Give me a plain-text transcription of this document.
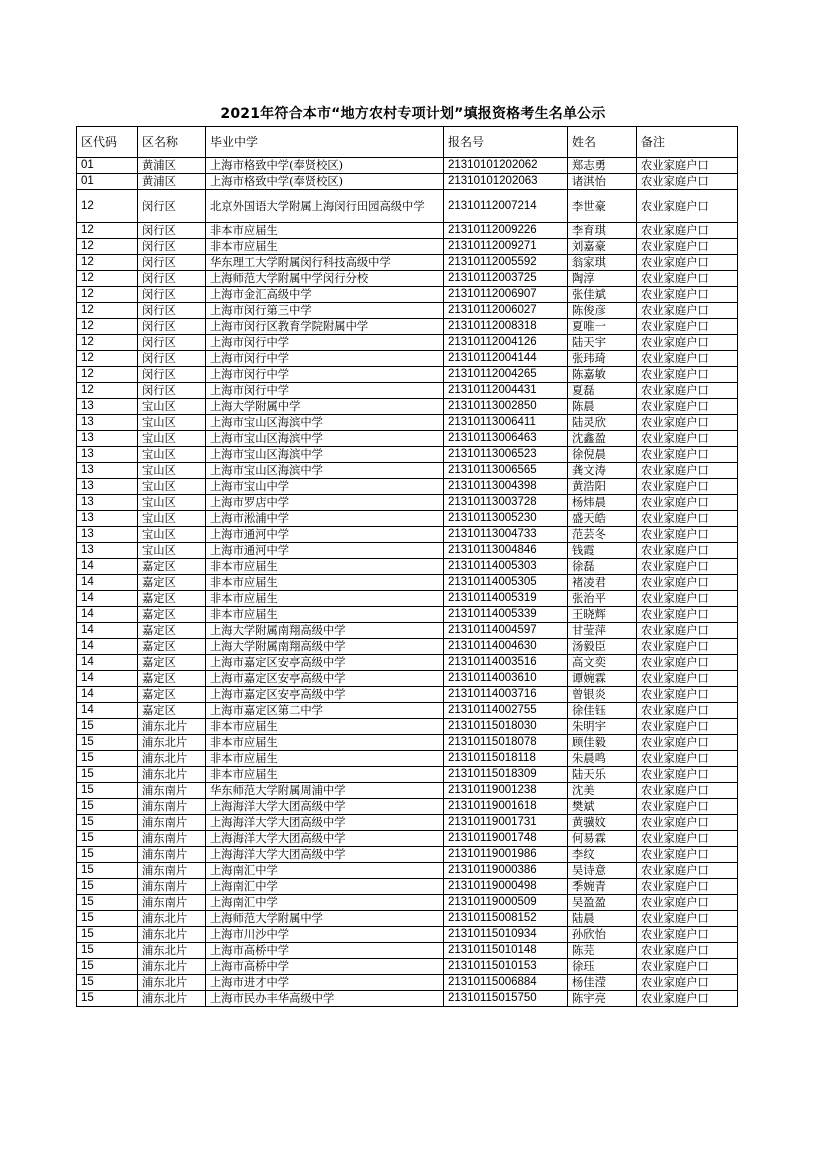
2021年符合本市“地方农村专项计划”填报资格考生名单公示
区代码	区名称	毕业中学	报名号	姓名	备注
01	黄浦区	上海市格致中学(奉贤校区)	21310101202062	郑志勇	农业家庭户口
01	黄浦区	上海市格致中学(奉贤校区)	21310101202063	诸淇怡	农业家庭户口
12	闵行区	北京外国语大学附属上海闵行田园高级中学	21310112007214	李世豪	农业家庭户口
12	闵行区	非本市应届生	21310112009226	李育琪	农业家庭户口
12	闵行区	非本市应届生	21310112009271	刘嘉豪	农业家庭户口
12	闵行区	华东理工大学附属闵行科技高级中学	21310112005592	翁家琪	农业家庭户口
12	闵行区	上海师范大学附属中学闵行分校	21310112003725	陶淳	农业家庭户口
12	闵行区	上海市金汇高级中学	21310112006907	张佳斌	农业家庭户口
12	闵行区	上海市闵行第三中学	21310112006027	陈俊彦	农业家庭户口
12	闵行区	上海市闵行区教育学院附属中学	21310112008318	夏唯一	农业家庭户口
12	闵行区	上海市闵行中学	21310112004126	陆天宇	农业家庭户口
12	闵行区	上海市闵行中学	21310112004144	张玮琦	农业家庭户口
12	闵行区	上海市闵行中学	21310112004265	陈嘉敏	农业家庭户口
12	闵行区	上海市闵行中学	21310112004431	夏磊	农业家庭户口
13	宝山区	上海大学附属中学	21310113002850	陈晨	农业家庭户口
13	宝山区	上海市宝山区海滨中学	21310113006411	陆灵欣	农业家庭户口
13	宝山区	上海市宝山区海滨中学	21310113006463	沈鑫盈	农业家庭户口
13	宝山区	上海市宝山区海滨中学	21310113006523	徐倪晨	农业家庭户口
13	宝山区	上海市宝山区海滨中学	21310113006565	龚文涛	农业家庭户口
13	宝山区	上海市宝山中学	21310113004398	黄浩阳	农业家庭户口
13	宝山区	上海市罗店中学	21310113003728	杨炜晨	农业家庭户口
13	宝山区	上海市淞浦中学	21310113005230	盛天皓	农业家庭户口
13	宝山区	上海市通河中学	21310113004733	范芸冬	农业家庭户口
13	宝山区	上海市通河中学	21310113004846	钱霞	农业家庭户口
14	嘉定区	非本市应届生	21310114005303	徐磊	农业家庭户口
14	嘉定区	非本市应届生	21310114005305	褚凌君	农业家庭户口
14	嘉定区	非本市应届生	21310114005319	张治平	农业家庭户口
14	嘉定区	非本市应届生	21310114005339	王晓辉	农业家庭户口
14	嘉定区	上海大学附属南翔高级中学	21310114004597	甘莹萍	农业家庭户口
14	嘉定区	上海大学附属南翔高级中学	21310114004630	汤毅臣	农业家庭户口
14	嘉定区	上海市嘉定区安亭高级中学	21310114003516	高文奕	农业家庭户口
14	嘉定区	上海市嘉定区安亭高级中学	21310114003610	谭婉霖	农业家庭户口
14	嘉定区	上海市嘉定区安亭高级中学	21310114003716	曾银炎	农业家庭户口
14	嘉定区	上海市嘉定区第二中学	21310114002755	徐佳钰	农业家庭户口
15	浦东北片	非本市应届生	21310115018030	朱明宇	农业家庭户口
15	浦东北片	非本市应届生	21310115018078	顾佳毅	农业家庭户口
15	浦东北片	非本市应届生	21310115018118	朱晨鸣	农业家庭户口
15	浦东北片	非本市应届生	21310115018309	陆天乐	农业家庭户口
15	浦东南片	华东师范大学附属周浦中学	21310119001238	沈美	农业家庭户口
15	浦东南片	上海海洋大学大团高级中学	21310119001618	樊斌	农业家庭户口
15	浦东南片	上海海洋大学大团高级中学	21310119001731	黄骥妏	农业家庭户口
15	浦东南片	上海海洋大学大团高级中学	21310119001748	何易霖	农业家庭户口
15	浦东南片	上海海洋大学大团高级中学	21310119001986	李纹	农业家庭户口
15	浦东南片	上海南汇中学	21310119000386	吴诗意	农业家庭户口
15	浦东南片	上海南汇中学	21310119000498	季婉青	农业家庭户口
15	浦东南片	上海南汇中学	21310119000509	吴盈盈	农业家庭户口
15	浦东北片	上海师范大学附属中学	21310115008152	陆晨	农业家庭户口
15	浦东北片	上海市川沙中学	21310115010934	孙欣怡	农业家庭户口
15	浦东北片	上海市高桥中学	21310115010148	陈芫	农业家庭户口
15	浦东北片	上海市高桥中学	21310115010153	徐珏	农业家庭户口
15	浦东北片	上海市进才中学	21310115006884	杨佳滢	农业家庭户口
15	浦东北片	上海市民办丰华高级中学	21310115015750	陈宇亮	农业家庭户口
